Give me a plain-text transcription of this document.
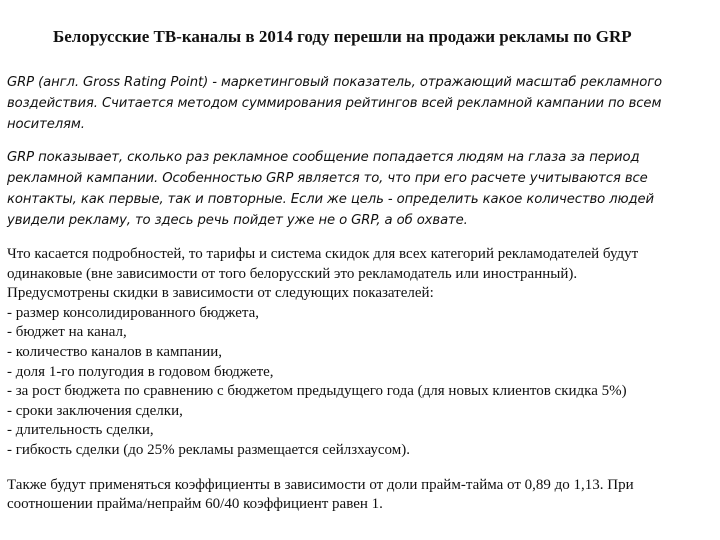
Белорусские ТВ-каналы в 2014 году перешли на продажи рекламы по GRP
GRP (англ. Gross Rating Point) - маркетинговый показатель, отражающий масштаб рекламного
воздействия. Считается методом суммирования рейтингов всей рекламной кампании по всем
носителям.
GRP показывает, сколько раз рекламное сообщение попадается людям на глаза за период
рекламной кампании. Особенностью GRP является то, что при его расчете учитываются все
контакты, как первые, так и повторные. Если же цель - определить какое количество людей
увидели рекламу, то здесь речь пойдет уже не о GRP, а об охвате.
Что касается подробностей, то тарифы и система скидок для всех категорий рекламодателей будут
одинаковые (вне зависимости от того белорусский это рекламодатель или иностранный).
Предусмотрены скидки в зависимости от следующих показателей:
- размер консолидированного бюджета,
- бюджет на канал,
- количество каналов в кампании,
- доля 1-го полугодия в годовом бюджете,
- за рост бюджета по сравнению с бюджетом предыдущего года (для новых клиентов скидка 5%)
- сроки заключения сделки,
- длительность сделки,
- гибкость сделки (до 25% рекламы размещается сейлзхаусом).
Также будут применяться коэффициенты в зависимости от доли прайм-тайма от 0,89 до 1,13. При
соотношении прайма/непрайм 60/40 коэффициент равен 1.
